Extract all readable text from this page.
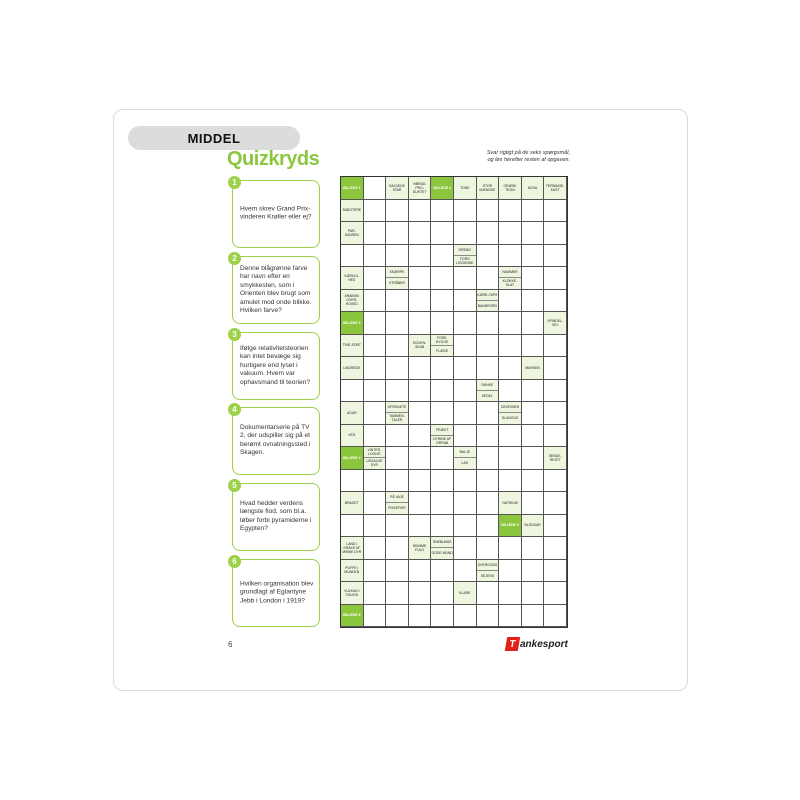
MIDDEL
Quizkryds	Svar rigtigt på de seks spørgsmål,
og løs herefter resten af opgaven.
1
Hvem skrev Grand Prix-vinderen Krøller eller ej?
2
Denne blågrønne farve har navn efter en smykkesten, som i Orienten blev brugt som amulet mod onde blikke. Hvilken farve?
3
Ifølge relativitetsteorien kan intet bevæge sig hurtigere end lyset i vakuum. Hvem var ophavsmand til teorien?
4
Dokumentarserie på TV 2, der udspiller sig på et berømt ovnatningssted i Skagen.
5
Hvad hedder verdens længste flod, som bl.a. løber forbi pyramiderne i Egypten?
6
Hvilken organisation blev grundlagt af Eglantyne Jebb i London i 1919?
BILLEDE 1	SALDEDE STAR
VIBRAD-PRO-DUKTET
BILLEDE 2	TONE	STOR MÆNGDE
GRÆSK TEGN	NOVA	TERNINGE-KAST
SABOTERE
PAR-DANSEN
DRENG
FORD LIGGENDE
KÆRLIG-HED
SKÆRPE
STRÅBER
NUMMER
KLOKKE-SLAT
ARABISK OVER-HOVED
KÆRE-TAPS
BANDEORD
BILLEDE 3	SPINDEL-SEJ
TRÆ-SORT	DOVEN-SKAB
FORE-BYGGE
FLÆDE
LINDREDE	MARKEN
RANKE
KEDEL
AGUR
OPDRAETE
TAMMEN-TALER
GEORGIEN
DLANGUS
VED
FRÆKT
DYRINE AF GRRAB
BILLEDE 4
VINTER-LOGIVE
UDSALDE DYR
BALJE
LAD
SENGE-REJET
BRAGET
PÅ VAJE
FISKEFIER
NATRIUM
BILLEDE 5 BLODKAR
LAND I KRAKE AF MINNE DYR
SKIMME FULD
SNEBUNKE
GODE MUND
PUFFE I MUNDEN
OVERGODS
SEJENS
VULKAN I ITALIEN	KLARE
BILLEDE 6
6	T ankesport
